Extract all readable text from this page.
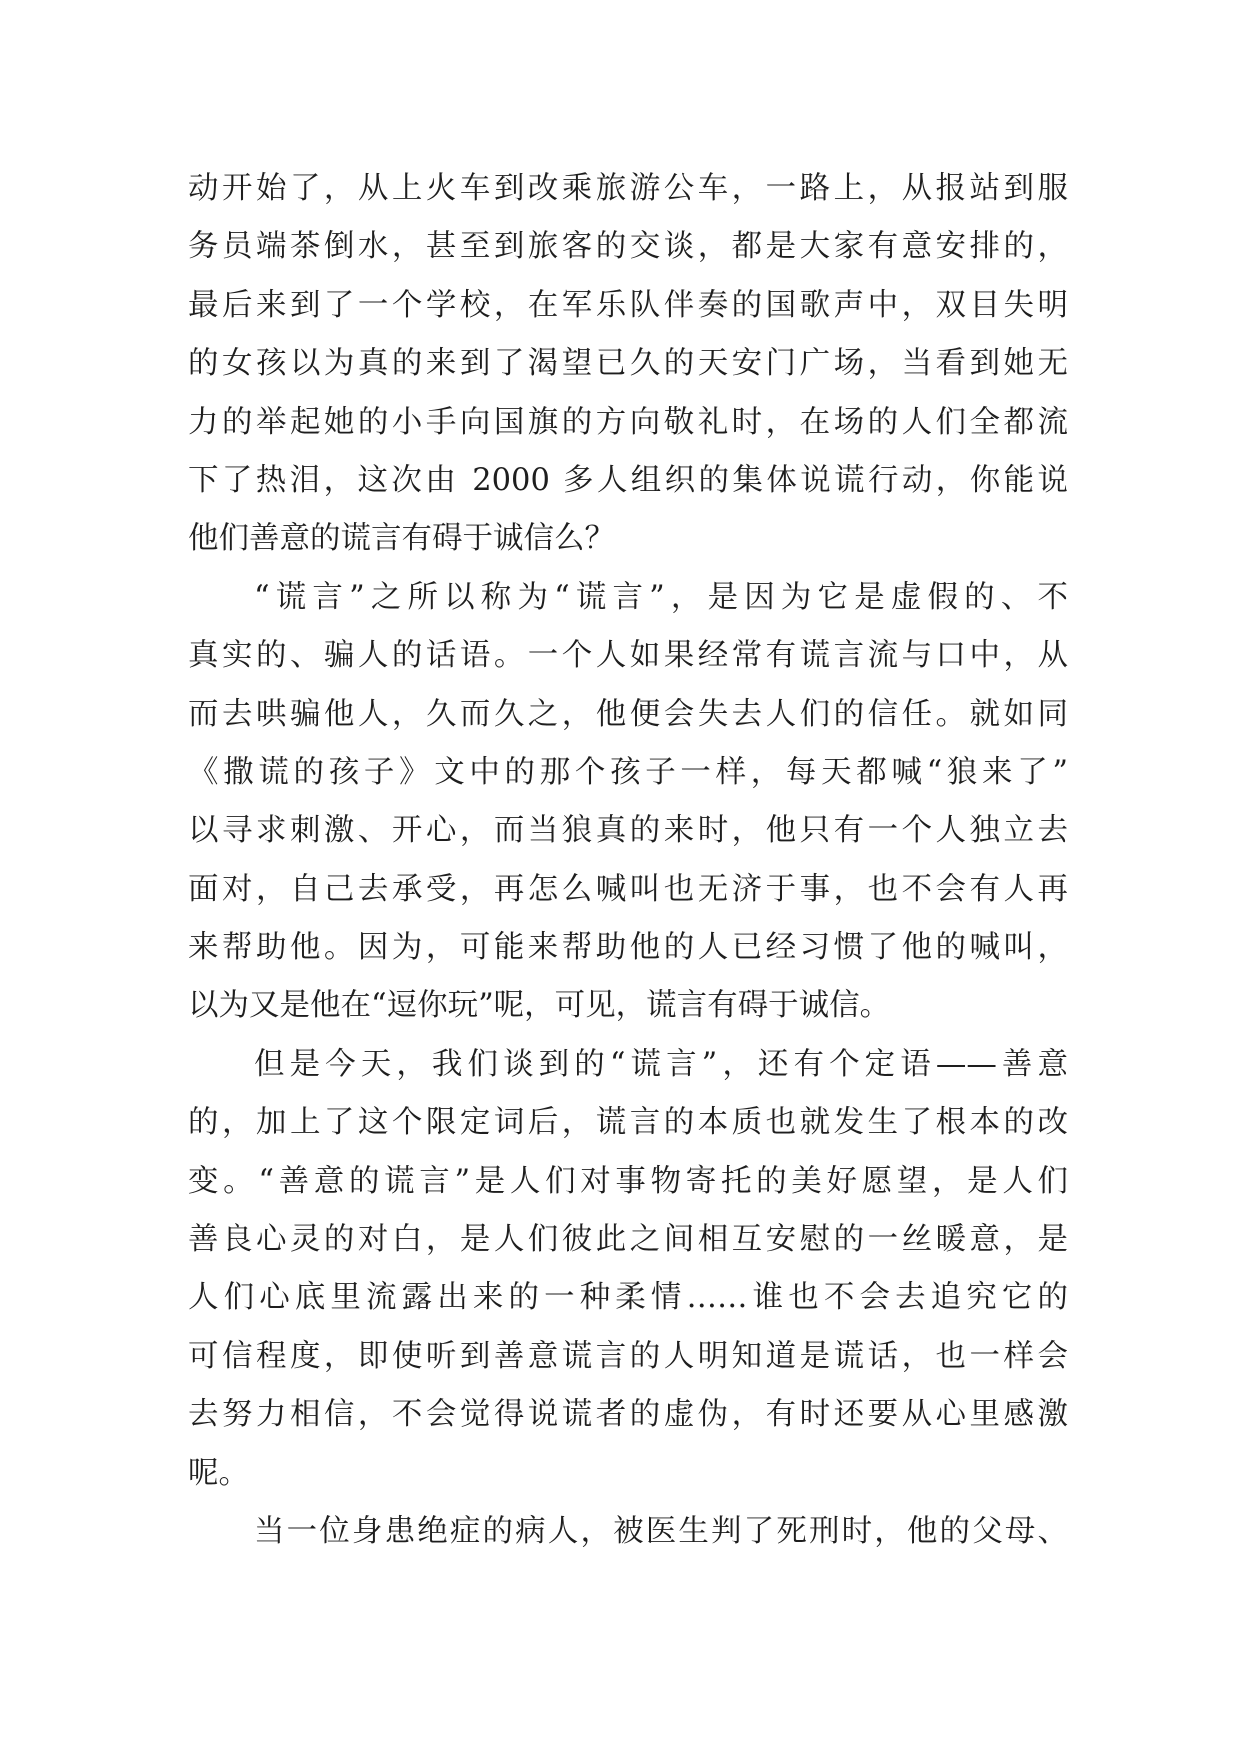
动开始了，从上火车到改乘旅游公车，一路上，从报站到服
务员端茶倒水，甚至到旅客的交谈，都是大家有意安排的，
最后来到了一个学校，在军乐队伴奏的国歌声中，双目失明
的女孩以为真的来到了渴望已久的天安门广场，当看到她无
力的举起她的小手向国旗的方向敬礼时，在场的人们全都流
下了热泪，这次由 2000 多人组织的集体说谎行动，你能说
他们善意的谎言有碍于诚信么？
“谎言”之所以称为“谎言”，是因为它是虚假的、不
真实的、骗人的话语。一个人如果经常有谎言流与口中，从
而去哄骗他人，久而久之，他便会失去人们的信任。就如同
《撒谎的孩子》文中的那个孩子一样，每天都喊“狼来了”
以寻求刺激、开心，而当狼真的来时，他只有一个人独立去
面对，自己去承受，再怎么喊叫也无济于事，也不会有人再
来帮助他。因为，可能来帮助他的人已经习惯了他的喊叫，
以为又是他在“逗你玩”呢，可见，谎言有碍于诚信。
但是今天，我们谈到的“谎言”，还有个定语——善意
的，加上了这个限定词后，谎言的本质也就发生了根本的改
变。“善意的谎言”是人们对事物寄托的美好愿望，是人们
善良心灵的对白，是人们彼此之间相互安慰的一丝暖意，是
人们心底里流露出来的一种柔情……谁也不会去追究它的
可信程度，即使听到善意谎言的人明知道是谎话，也一样会
去努力相信，不会觉得说谎者的虚伪，有时还要从心里感激
呢。
当一位身患绝症的病人，被医生判了死刑时，他的父母、
